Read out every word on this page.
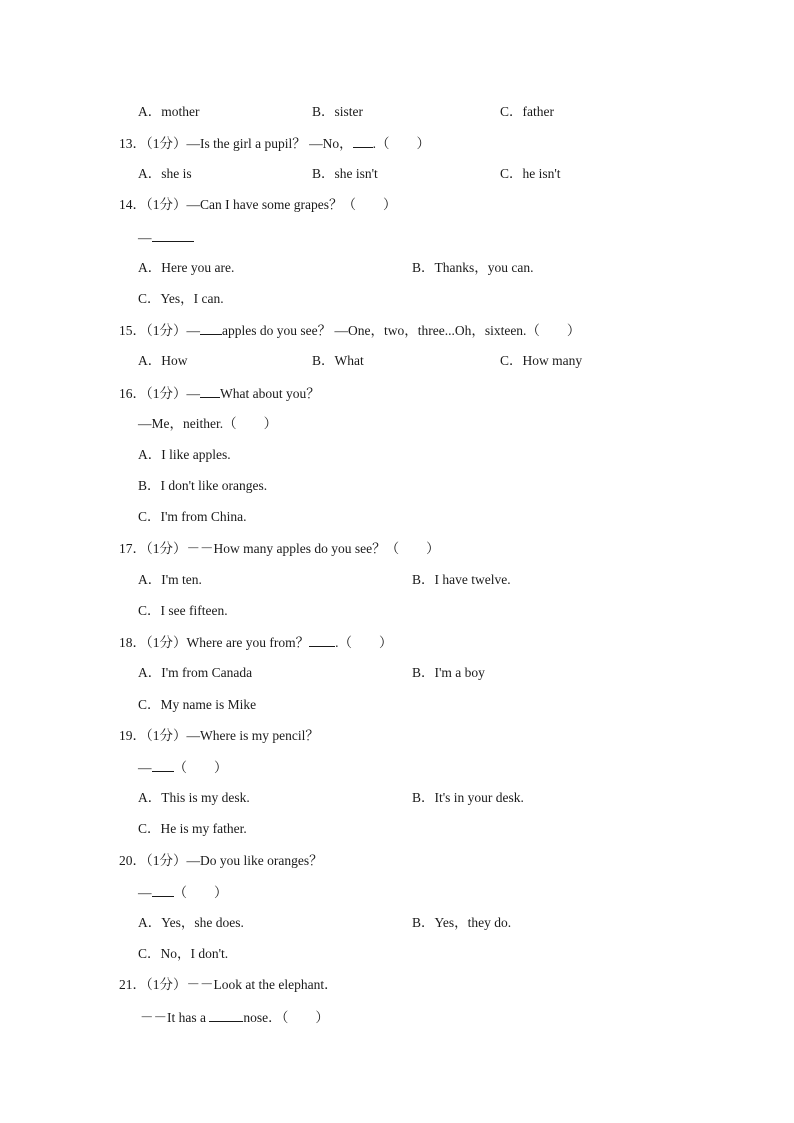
A．mother	B．sister	C．father
13．（1分）—Is the girl a pupil？ —No， .（　　）
A．she is	B．she isn't	C．he isn't
14．（1分）—Can I have some grapes？（　　）
—
A．Here you are.	B．Thanks，you can.
C．Yes，I can.
15．（1分）— apples do you see？ —One，two，three...Oh，sixteen.（　　）
A．How	B．What	C．How many
16．（1分）— What about you？
—Me，neither.（　　）
A．I like apples.
B．I don't like oranges.
C．I'm from China.
17．（1分）－－How many apples do you see？（　　）
A．I'm ten.	B．I have twelve.
C．I see fifteen.
18．（1分）Where are you from？ .（　　）
A．I'm from Canada	B．I'm a boy
C．My name is Mike
19．（1分）—Where is my pencil？
— （　　）
A．This is my desk.	B．It's in your desk.
C．He is my father.
20．（1分）—Do you like oranges？
— （　　）
A．Yes，she does.	B．Yes，they do.
C．No，I don't.
21．（1分）－－Look at the elephant．
－－It has a	nose．（　　）
